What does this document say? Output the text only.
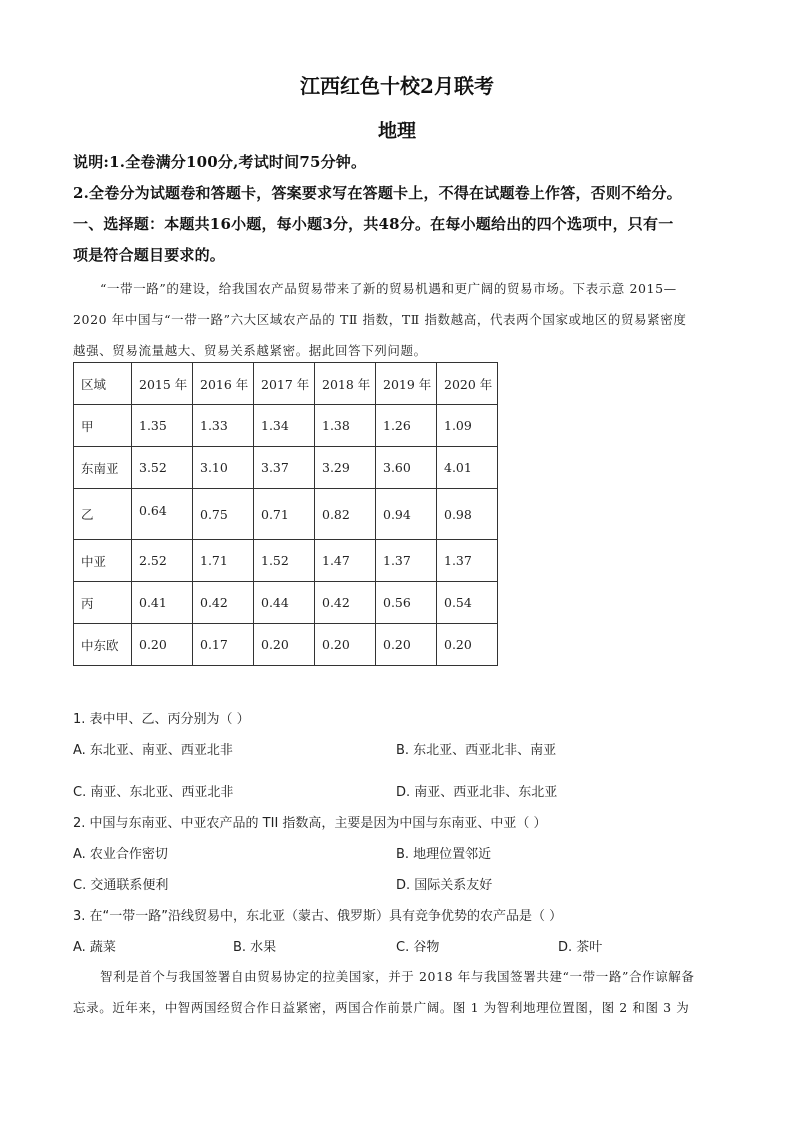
江西红色十校2月联考
地理
说明:1.全卷满分100分,考试时间75分钟。
2.全卷分为试题卷和答题卡，答案要求写在答题卡上，不得在试题卷上作答，否则不给分。
一、选择题：本题共16小题，每小题3分，共48分。在每小题给出的四个选项中，只有一
项是符合题目要求的。
“一带一路”的建设，给我国农产品贸易带来了新的贸易机遇和更广阔的贸易市场。下表示意 2015—
2020 年中国与“一带一路”六大区域农产品的 TⅡ 指数，TⅡ 指数越高，代表两个国家或地区的贸易紧密度
越强、贸易流量越大、贸易关系越紧密。据此回答下列问题。
区域	2015 年	2016 年	2017 年	2018 年	2019 年	2020 年
甲	1.35	1.33	1.34	1.38	1.26	1.09
东南亚	3.52	3.10	3.37	3.29	3.60	4.01
乙	0.64	0.75	0.71	0.82	0.94	0.98
中亚	2.52	1.71	1.52	1.47	1.37	1.37
丙	0.41	0.42	0.44	0.42	0.56	0.54
中东欧	0.20	0.17	0.20	0.20	0.20	0.20
1. 表中甲、乙、丙分别为（ ）
A. 东北亚、南亚、西亚北非	B. 东北亚、西亚北非、南亚
C. 南亚、东北亚、西亚北非	D. 南亚、西亚北非、东北亚
2. 中国与东南亚、中亚农产品的 TII 指数高，主要是因为中国与东南亚、中亚（ ）
A. 农业合作密切	B. 地理位置邻近
C. 交通联系便利	D. 国际关系友好
3. 在“一带一路”沿线贸易中，东北亚（蒙古、俄罗斯）具有竞争优势的农产品是（ ）
A. 蔬菜	B. 水果	C. 谷物	D. 茶叶
智利是首个与我国签署自由贸易协定的拉美国家，并于 2018 年与我国签署共建“一带一路”合作谅解备
忘录。近年来，中智两国经贸合作日益紧密，两国合作前景广阔。图 1 为智利地理位置图，图 2 和图 3 为
